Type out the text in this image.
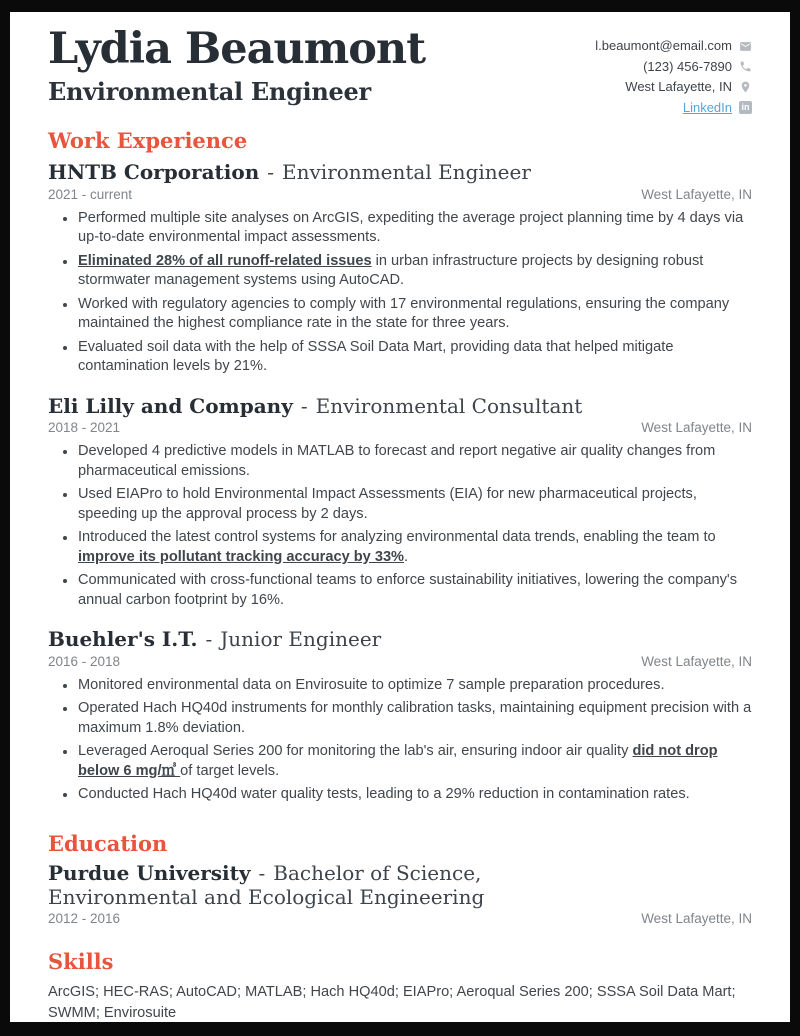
Lydia Beaumont
Environmental Engineer
l.beaumont@email.com
(123) 456-7890
West Lafayette, IN
LinkedIn in
Work Experience
HNTB Corporation - Environmental Engineer
2021 - current	West Lafayette, IN
• Performed multiple site analyses on ArcGIS, expediting the average project planning time by 4 days via up-to-date environmental impact assessments.
• Eliminated 28% of all runoff-related issues in urban infrastructure projects by designing robust stormwater management systems using AutoCAD.
• Worked with regulatory agencies to comply with 17 environmental regulations, ensuring the company maintained the highest compliance rate in the state for three years.
• Evaluated soil data with the help of SSSA Soil Data Mart, providing data that helped mitigate contamination levels by 21%.
Eli Lilly and Company - Environmental Consultant
2018 - 2021	West Lafayette, IN
• Developed 4 predictive models in MATLAB to forecast and report negative air quality changes from pharmaceutical emissions.
• Used EIAPro to hold Environmental Impact Assessments (EIA) for new pharmaceutical projects, speeding up the approval process by 2 days.
• Introduced the latest control systems for analyzing environmental data trends, enabling the team to improve its pollutant tracking accuracy by 33%.
• Communicated with cross-functional teams to enforce sustainability initiatives, lowering the company's annual carbon footprint by 16%.
Buehler's I.T. - Junior Engineer
2016 - 2018	West Lafayette, IN
• Monitored environmental data on Envirosuite to optimize 7 sample preparation procedures.
• Operated Hach HQ40d instruments for monthly calibration tasks, maintaining equipment precision with a maximum 1.8% deviation.
• Leveraged Aeroqual Series 200 for monitoring the lab's air, ensuring indoor air quality did not drop below 6 mg/㎥ of target levels.
• Conducted Hach HQ40d water quality tests, leading to a 29% reduction in contamination rates.
Education
Purdue University - Bachelor of Science, Environmental and Ecological Engineering
2012 - 2016	West Lafayette, IN
Skills

ArcGIS; HEC-RAS; AutoCAD; MATLAB; Hach HQ40d; EIAPro; Aeroqual Series 200; SSSA Soil Data Mart; SWMM; Envirosuite
